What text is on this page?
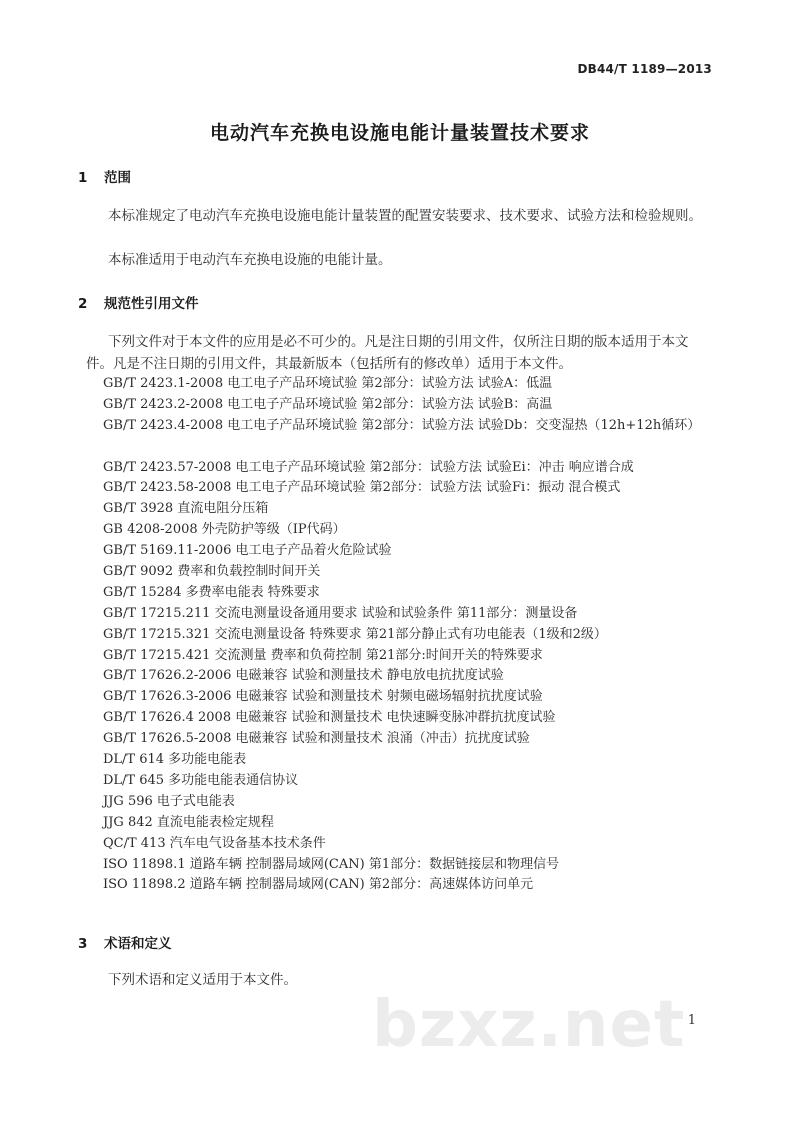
DB44/T 1189—2013
电动汽车充换电设施电能计量装置技术要求
1 范围
本标准规定了电动汽车充换电设施电能计量装置的配置安装要求、技术要求、试验方法和检验规则。
本标准适用于电动汽车充换电设施的电能计量。
2 规范性引用文件
下列文件对于本文件的应用是必不可少的。凡是注日期的引用文件，仅所注日期的版本适用于本文件。凡是不注日期的引用文件，其最新版本（包括所有的修改单）适用于本文件。
GB/T 2423.1-2008 电工电子产品环境试验 第2部分：试验方法 试验A：低温
GB/T 2423.2-2008 电工电子产品环境试验 第2部分：试验方法 试验B：高温
GB/T 2423.4-2008 电工电子产品环境试验 第2部分：试验方法 试验Db：交变湿热（12h+12h循环）
GB/T 2423.57-2008 电工电子产品环境试验 第2部分：试验方法 试验Ei：冲击 响应谱合成
GB/T 2423.58-2008 电工电子产品环境试验 第2部分：试验方法 试验Fi：振动 混合模式
GB/T 3928 直流电阻分压箱
GB 4208-2008 外壳防护等级（IP代码）
GB/T 5169.11-2006 电工电子产品着火危险试验
GB/T 9092 费率和负载控制时间开关
GB/T 15284 多费率电能表 特殊要求
GB/T 17215.211 交流电测量设备通用要求 试验和试验条件 第11部分：测量设备
GB/T 17215.321 交流电测量设备 特殊要求 第21部分静止式有功电能表（1级和2级）
GB/T 17215.421 交流测量 费率和负荷控制 第21部分:时间开关的特殊要求
GB/T 17626.2-2006 电磁兼容 试验和测量技术 静电放电抗扰度试验
GB/T 17626.3-2006 电磁兼容 试验和测量技术 射频电磁场辐射抗扰度试验
GB/T 17626.4 2008 电磁兼容 试验和测量技术 电快速瞬变脉冲群抗扰度试验
GB/T 17626.5-2008 电磁兼容 试验和测量技术 浪涌（冲击）抗扰度试验
DL/T 614 多功能电能表
DL/T 645 多功能电能表通信协议
JJG 596 电子式电能表
JJG 842 直流电能表检定规程
QC/T 413 汽车电气设备基本技术条件
ISO 11898.1 道路车辆 控制器局域网(CAN) 第1部分：数据链接层和物理信号
ISO 11898.2 道路车辆 控制器局域网(CAN) 第2部分：高速媒体访问单元
3 术语和定义
下列术语和定义适用于本文件。
bzxz.net 1
